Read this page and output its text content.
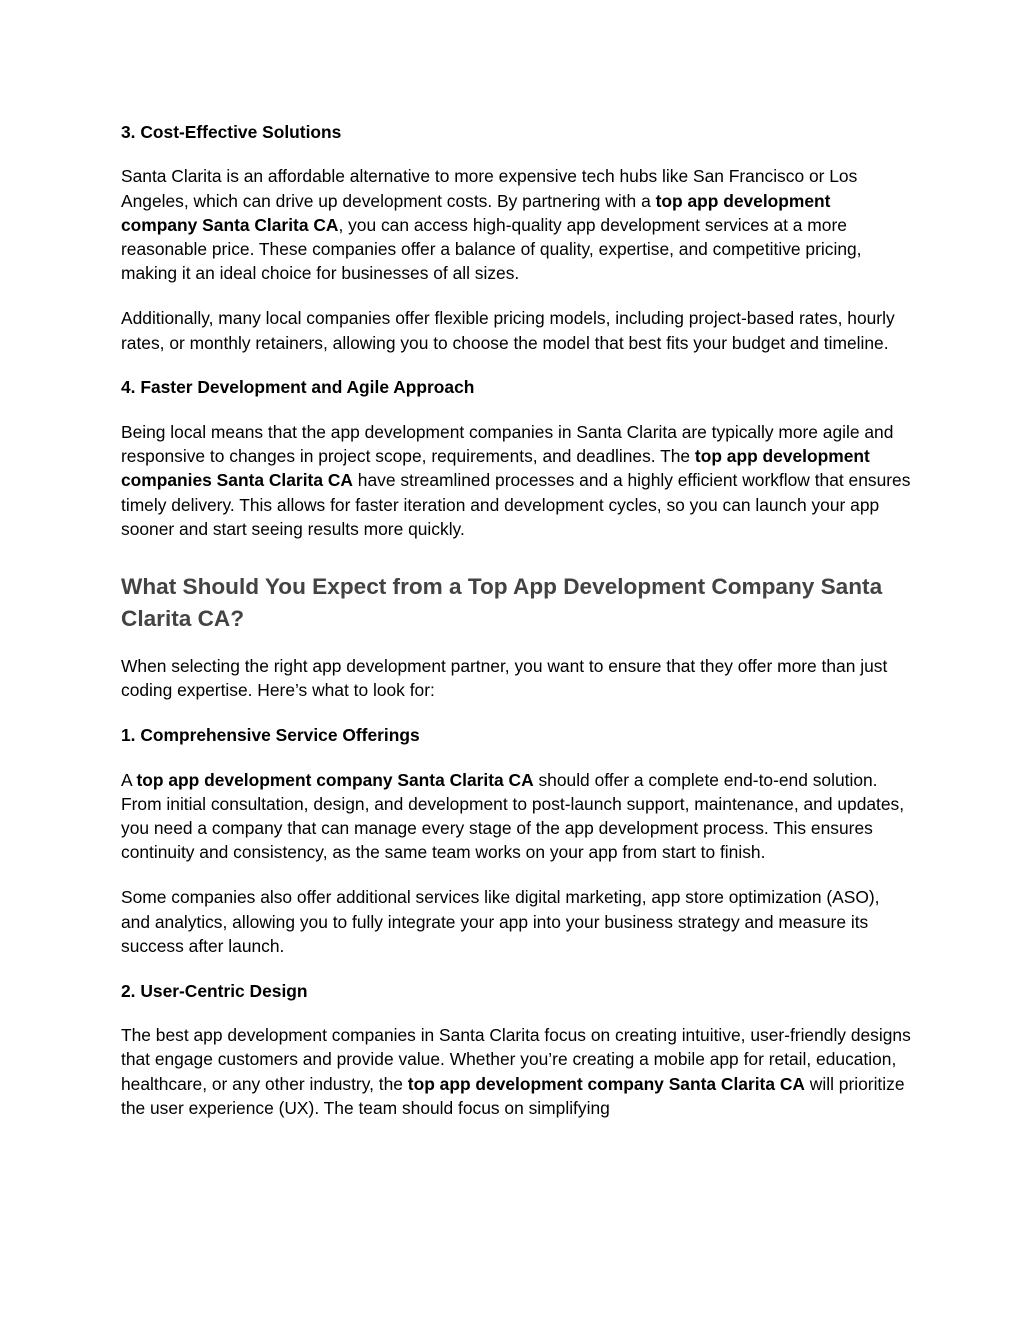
3. Cost-Effective Solutions

Santa Clarita is an affordable alternative to more expensive tech hubs like San Francisco or Los Angeles, which can drive up development costs. By partnering with a top app development company Santa Clarita CA, you can access high-quality app development services at a more reasonable price. These companies offer a balance of quality, expertise, and competitive pricing, making it an ideal choice for businesses of all sizes.

Additionally, many local companies offer flexible pricing models, including project-based rates, hourly rates, or monthly retainers, allowing you to choose the model that best fits your budget and timeline.

4. Faster Development and Agile Approach

Being local means that the app development companies in Santa Clarita are typically more agile and responsive to changes in project scope, requirements, and deadlines. The top app development companies Santa Clarita CA have streamlined processes and a highly efficient workflow that ensures timely delivery. This allows for faster iteration and development cycles, so you can launch your app sooner and start seeing results more quickly.

What Should You Expect from a Top App Development Company Santa Clarita CA?

When selecting the right app development partner, you want to ensure that they offer more than just coding expertise. Here’s what to look for:

1. Comprehensive Service Offerings

A top app development company Santa Clarita CA should offer a complete end-to-end solution. From initial consultation, design, and development to post-launch support, maintenance, and updates, you need a company that can manage every stage of the app development process. This ensures continuity and consistency, as the same team works on your app from start to finish.

Some companies also offer additional services like digital marketing, app store optimization (ASO), and analytics, allowing you to fully integrate your app into your business strategy and measure its success after launch.

2. User-Centric Design

The best app development companies in Santa Clarita focus on creating intuitive, user-friendly designs that engage customers and provide value. Whether you’re creating a mobile app for retail, education, healthcare, or any other industry, the top app development company Santa Clarita CA will prioritize the user experience (UX). The team should focus on simplifying
